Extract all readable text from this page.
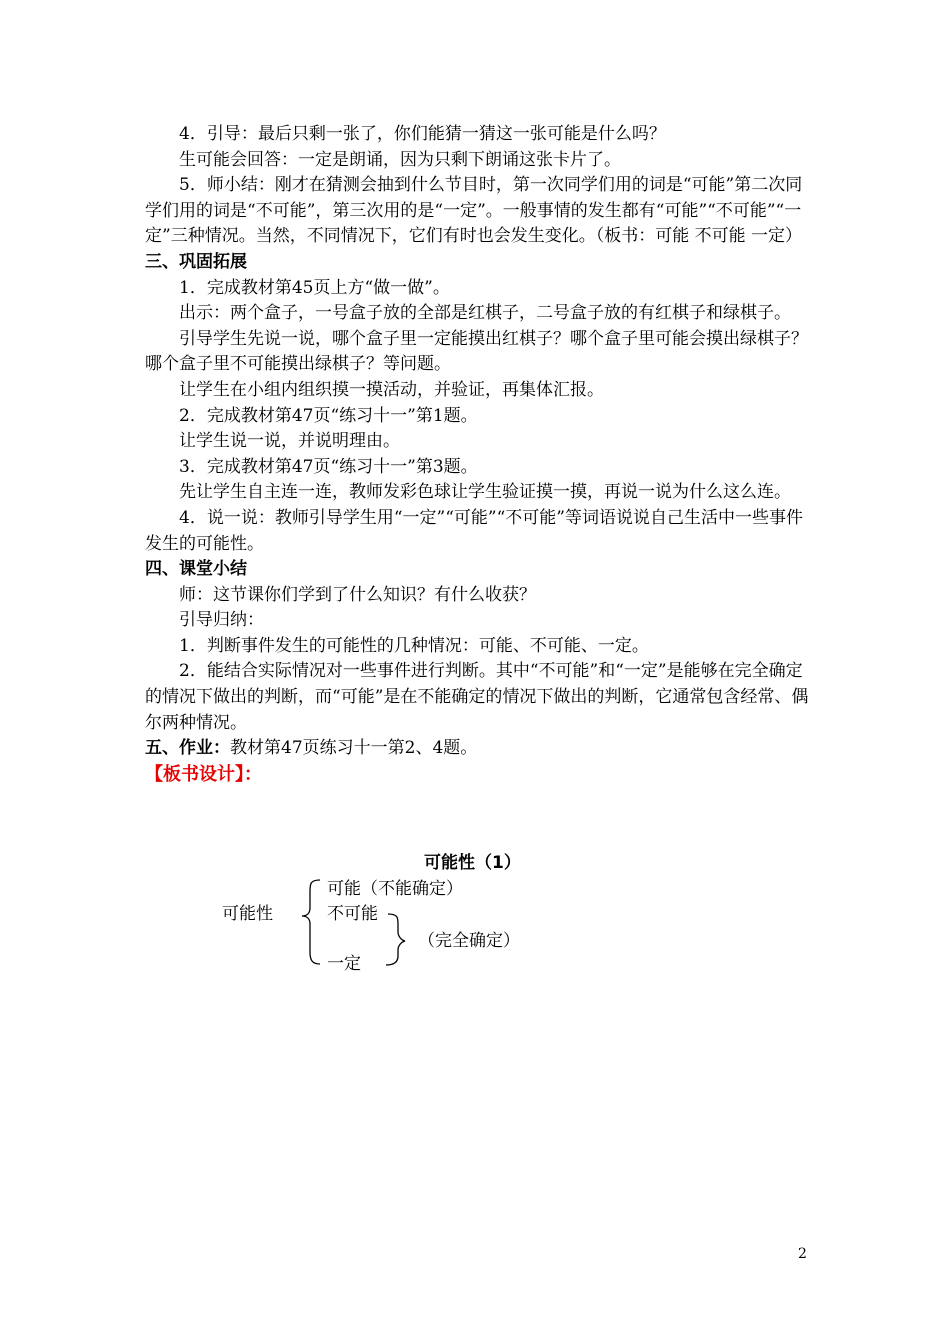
4．引导：最后只剩一张了，你们能猜一猜这一张可能是什么吗？

生可能会回答：一定是朗诵，因为只剩下朗诵这张卡片了。

5．师小结：刚才在猜测会抽到什么节目时，第一次同学们用的词是“可能”第二次同学们用的词是“不可能”，第三次用的是“一定”。一般事情的发生都有“可能”“不可能”“一定”三种情况。当然，不同情况下，它们有时也会发生变化。（板书：可能 不可能 一定）

三、巩固拓展

1．完成教材第45页上方“做一做”。

出示：两个盒子，一号盒子放的全部是红棋子，二号盒子放的有红棋子和绿棋子。

引导学生先说一说，哪个盒子里一定能摸出红棋子？哪个盒子里可能会摸出绿棋子？哪个盒子里不可能摸出绿棋子？等问题。

让学生在小组内组织摸一摸活动，并验证，再集体汇报。

2．完成教材第47页“练习十一”第1题。

让学生说一说，并说明理由。

3．完成教材第47页“练习十一”第3题。

先让学生自主连一连，教师发彩色球让学生验证摸一摸，再说一说为什么这么连。

4．说一说：教师引导学生用“一定”“可能”“不可能”等词语说说自己生活中一些事件发生的可能性。

四、课堂小结

师：这节课你们学到了什么知识？有什么收获？

引导归纳：

1．判断事件发生的可能性的几种情况：可能、不可能、一定。

2．能结合实际情况对一些事件进行判断。其中“不可能”和“一定”是能够在完全确定的情况下做出的判断，而“可能”是在不能确定的情况下做出的判断，它通常包含经常、偶尔两种情况。

五、作业：教材第47页练习十一第2、4题。

【板书设计】：

可能性（1）
可能性
可能（不能确定）
不可能
一定
（完全确定）
2
